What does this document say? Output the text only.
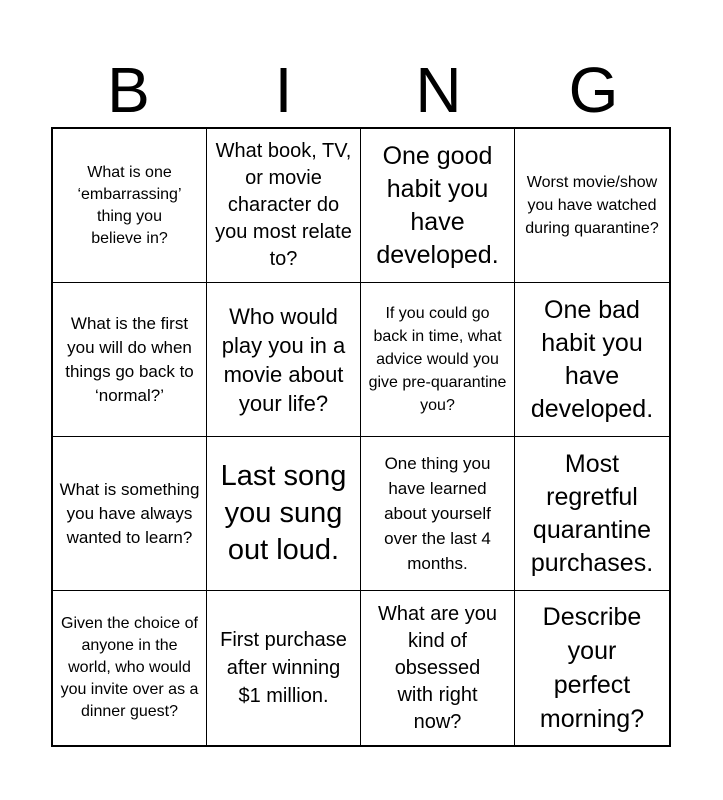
B	I	N	G
What is one ‘embarrassing’ thing you believe in?
What book, TV, or movie character do you most relate to?
One good habit you have developed.
Worst movie/show you have watched during quarantine?
What is the first you will do when things go back to ‘normal?’
Who would play you in a movie about your life?
If you could go back in time, what advice would you give pre-quarantine you?
One bad habit you have developed.
What is something you have always wanted to learn?
Last song you sung out loud.
One thing you have learned about yourself over the last 4 months.
Most regretful quarantine purchases.
Given the choice of anyone in the world, who would you invite over as a dinner guest?
First purchase after winning $1 million.
What are you kind of obsessed with right now?
Describe your perfect morning?
